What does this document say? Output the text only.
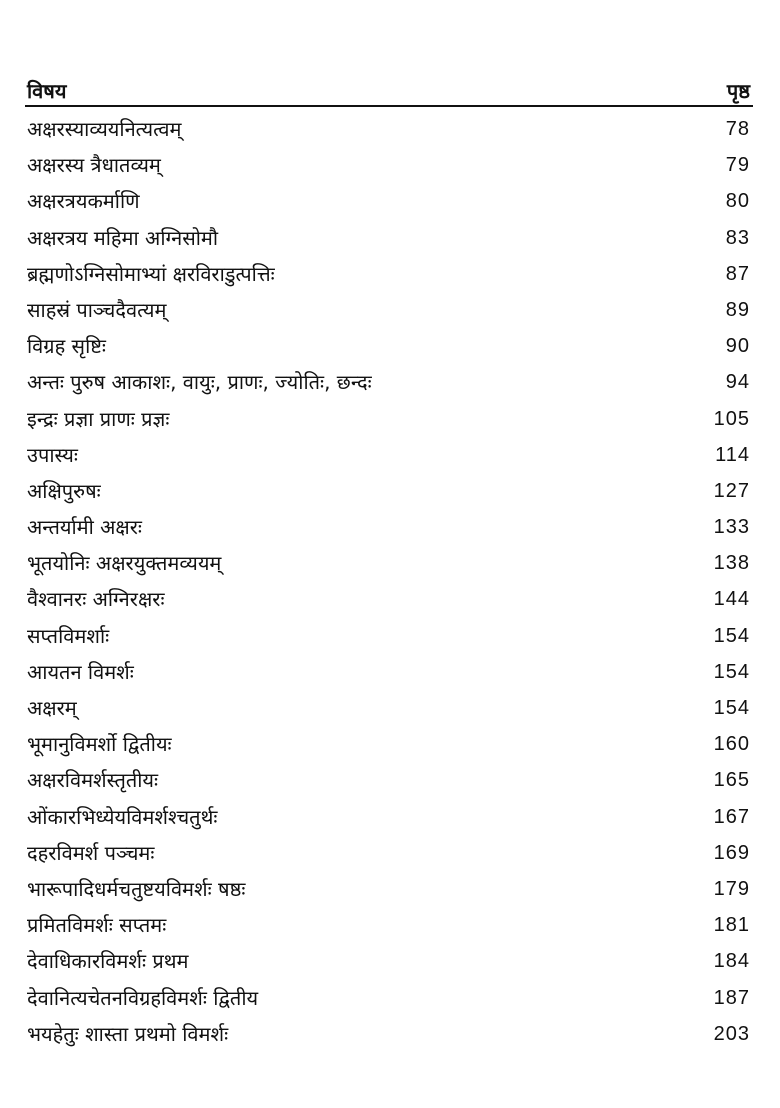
विषय	पृष्ठ
अक्षरस्याव्ययनित्यत्वम्	78
अक्षरस्य त्रैधातव्यम्	79
अक्षरत्रयकर्माणि	80
अक्षरत्रय महिमा अग्निसोमौ	83
ब्रह्मणोऽग्निसोमाभ्यां क्षरविराडुत्पत्तिः	87
साहस्रं पाञ्चदैवत्यम्	89
विग्रह सृष्टिः	90
अन्तः पुरुष आकाशः, वायुः, प्राणः, ज्योतिः, छन्दः	94
इन्द्रः प्रज्ञा प्राणः प्रज्ञः	105
उपास्यः	114
अक्षिपुरुषः	127
अन्तर्यामी अक्षरः	133
भूतयोनिः अक्षरयुक्तमव्ययम्	138
वैश्वानरः अग्निरक्षरः	144
सप्तविमर्शाः	154
आयतन विमर्शः	154
अक्षरम्	154
भूमानुविमर्शो द्वितीयः	160
अक्षरविमर्शस्तृतीयः	165
ओंकारभिध्येयविमर्शश्चतुर्थः	167
दहरविमर्श पञ्चमः	169
भारूपादिधर्मचतुष्टयविमर्शः षष्ठः	179
प्रमितविमर्शः सप्तमः	181
देवाधिकारविमर्शः प्रथम	184
देवानित्यचेतनविग्रहविमर्शः द्वितीय	187
भयहेतुः शास्ता प्रथमो विमर्शः	203
